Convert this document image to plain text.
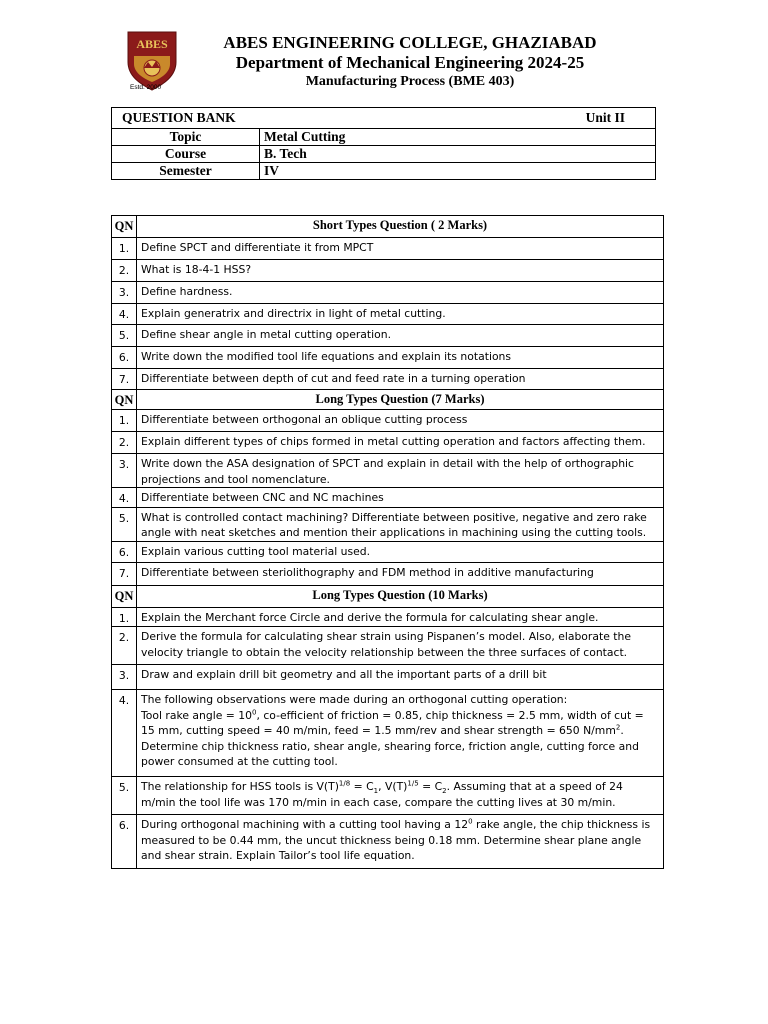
ABES
Estd. 2000
ABES ENGINEERING COLLEGE, GHAZIABAD
Department of Mechanical Engineering 2024-25
Manufacturing Process (BME 403)
QUESTION BANK Unit II	

Topic	Metal Cutting
Course	B. Tech
Semester	IV
QN	Short Types Question ( 2 Marks)
1.	Define SPCT and differentiate it from MPCT
2.	What is 18-4-1 HSS?
3.	Define hardness.
4.	Explain generatrix and directrix in light of metal cutting.
5.	Define shear angle in metal cutting operation.
6.	Write down the modified tool life equations and explain its notations
7.	Differentiate between depth of cut and feed rate in a turning operation
QN	Long Types Question (7 Marks)
1.	Differentiate between orthogonal an oblique cutting process
2.	Explain different types of chips formed in metal cutting operation and factors affecting them.
3.	Write down the ASA designation of SPCT and explain in detail with the help of orthographic projections and tool nomenclature.
4.	Differentiate between CNC and NC machines
5.	What is controlled contact machining? Differentiate between positive, negative and zero rake angle with neat sketches and mention their applications in machining using the cutting tools.
6.	Explain various cutting tool material used.
7.	Differentiate between steriolithography and FDM method in additive manufacturing
QN	Long Types Question (10 Marks)
1.	Explain the Merchant force Circle and derive the formula for calculating shear angle.
2.	Derive the formula for calculating shear strain using Pispanen’s model. Also, elaborate the velocity triangle to obtain the velocity relationship between the three surfaces of contact.
3.	Draw and explain drill bit geometry and all the important parts of a drill bit
4.	The following observations were made during an orthogonal cutting operation:
Tool rake angle = $10^0$, co-efficient of friction = 0.85, chip thickness = 2.5 mm, width of cut = 15 mm, cutting speed = 40 m/min, feed = 1.5 mm/rev and shear strength = 650 $N/mm^2$. Determine chip thickness ratio, shear angle, shearing force, friction angle, cutting force and power consumed at the cutting tool.
5.	The relationship for HSS tools is $V(T)^{1/8} = C_1$, $V(T)^{1/5} = C_2$. Assuming that at a speed of 24 m/min the tool life was 170 m/min in each case, compare the cutting lives at 30 m/min.
6.	During orthogonal machining with a cutting tool having a $12^0$ rake angle, the chip thickness is measured to be 0.44 mm, the uncut thickness being 0.18 mm. Determine shear plane angle and shear strain. Explain Tailor’s tool life equation.
